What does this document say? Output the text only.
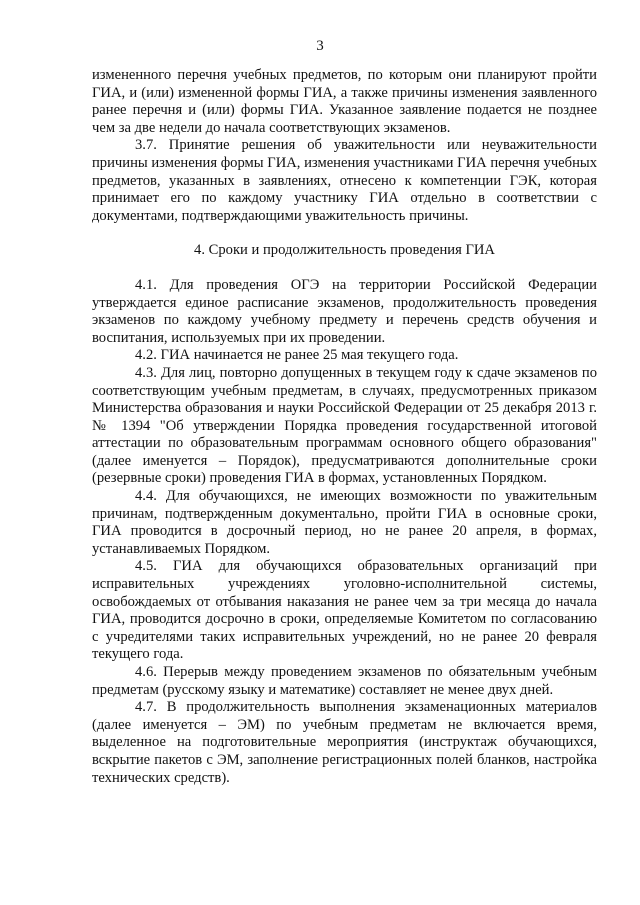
3

измененного перечня учебных предметов, по которым они планируют пройти ГИА, и (или) измененной формы ГИА, а также причины изменения заявленного ранее перечня и (или) формы ГИА. Указанное заявление подается не позднее чем за две недели до начала соответствующих экзаменов.

3.7. Принятие решения об уважительности или неуважительности причины изменения формы ГИА, изменения участниками ГИА перечня учебных предметов, указанных в заявлениях, отнесено к компетенции ГЭК, которая принимает его по каждому участнику ГИА отдельно в соответствии с документами, подтверждающими уважительность причины.

4. Сроки и продолжительность проведения ГИА

4.1. Для проведения ОГЭ на территории Российской Федерации утверждается единое расписание экзаменов, продолжительность проведения экзаменов по каждому учебному предмету и перечень средств обучения и воспитания, используемых при их проведении.

4.2. ГИА начинается не ранее 25 мая текущего года.

4.3. Для лиц, повторно допущенных в текущем году к сдаче экзаменов по соответствующим учебным предметам, в случаях, предусмотренных приказом Министерства образования и науки Российской Федерации от 25 декабря 2013 г. № 1394 "Об утверждении Порядка проведения государственной итоговой аттестации по образовательным программам основного общего образования" (далее именуется – Порядок), предусматриваются дополнительные сроки (резервные сроки) проведения ГИА в формах, установленных Порядком.

4.4. Для обучающихся, не имеющих возможности по уважительным причинам, подтвержденным документально, пройти ГИА в основные сроки, ГИА проводится в досрочный период, но не ранее 20 апреля, в формах, устанавливаемых Порядком.

4.5. ГИА для обучающихся образовательных организаций при исправительных учреждениях уголовно-исполнительной системы, освобождаемых от отбывания наказания не ранее чем за три месяца до начала ГИА, проводится досрочно в сроки, определяемые Комитетом по согласованию с учредителями таких исправительных учреждений, но не ранее 20 февраля текущего года.

4.6. Перерыв между проведением экзаменов по обязательным учебным предметам (русскому языку и математике) составляет не менее двух дней.

4.7. В продолжительность выполнения экзаменационных материалов (далее именуется – ЭМ) по учебным предметам не включается время, выделенное на подготовительные мероприятия (инструктаж обучающихся, вскрытие пакетов с ЭМ, заполнение регистрационных полей бланков, настройка технических средств).
